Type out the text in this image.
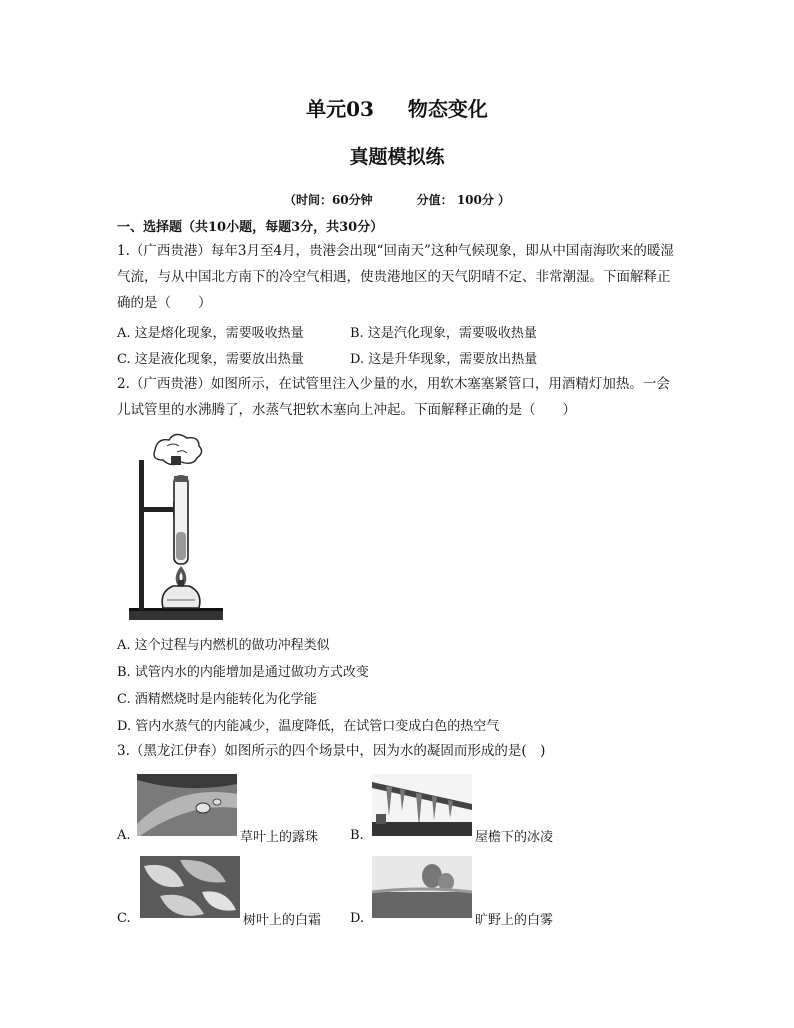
单元03 物态变化
真题模拟练
（时间：60分钟	分值： 100分 ）
一、选择题（共10小题，每题3分，共30分）
1.（广西贵港）每年3月至4月，贵港会出现“回南天”这种气候现象，即从中国南海吹来的暖湿气流，与从中国北方南下的冷空气相遇，使贵港地区的天气阴晴不定、非常潮湿。下面解释正确的是（　　）
A. 这是熔化现象，需要吸收热量	B. 这是汽化现象，需要吸收热量
C. 这是液化现象，需要放出热量	D. 这是升华现象，需要放出热量
2.（广西贵港）如图所示，在试管里注入少量的水，用软木塞塞紧管口，用酒精灯加热。一会儿试管里的水沸腾了，水蒸气把软木塞向上冲起。下面解释正确的是（　　）
A. 这个过程与内燃机的做功冲程类似
B. 试管内水的内能增加是通过做功方式改变
C. 酒精燃烧时是内能转化为化学能
D. 管内水蒸气的内能减少，温度降低，在试管口变成白色的热空气
3.（黑龙江伊春）如图所示的四个场景中，因为水的凝固而形成的是(　)
A.	草叶上的露珠 B.	屋檐下的冰凌
C.	树叶上的白霜 D.	旷野上的白雾
